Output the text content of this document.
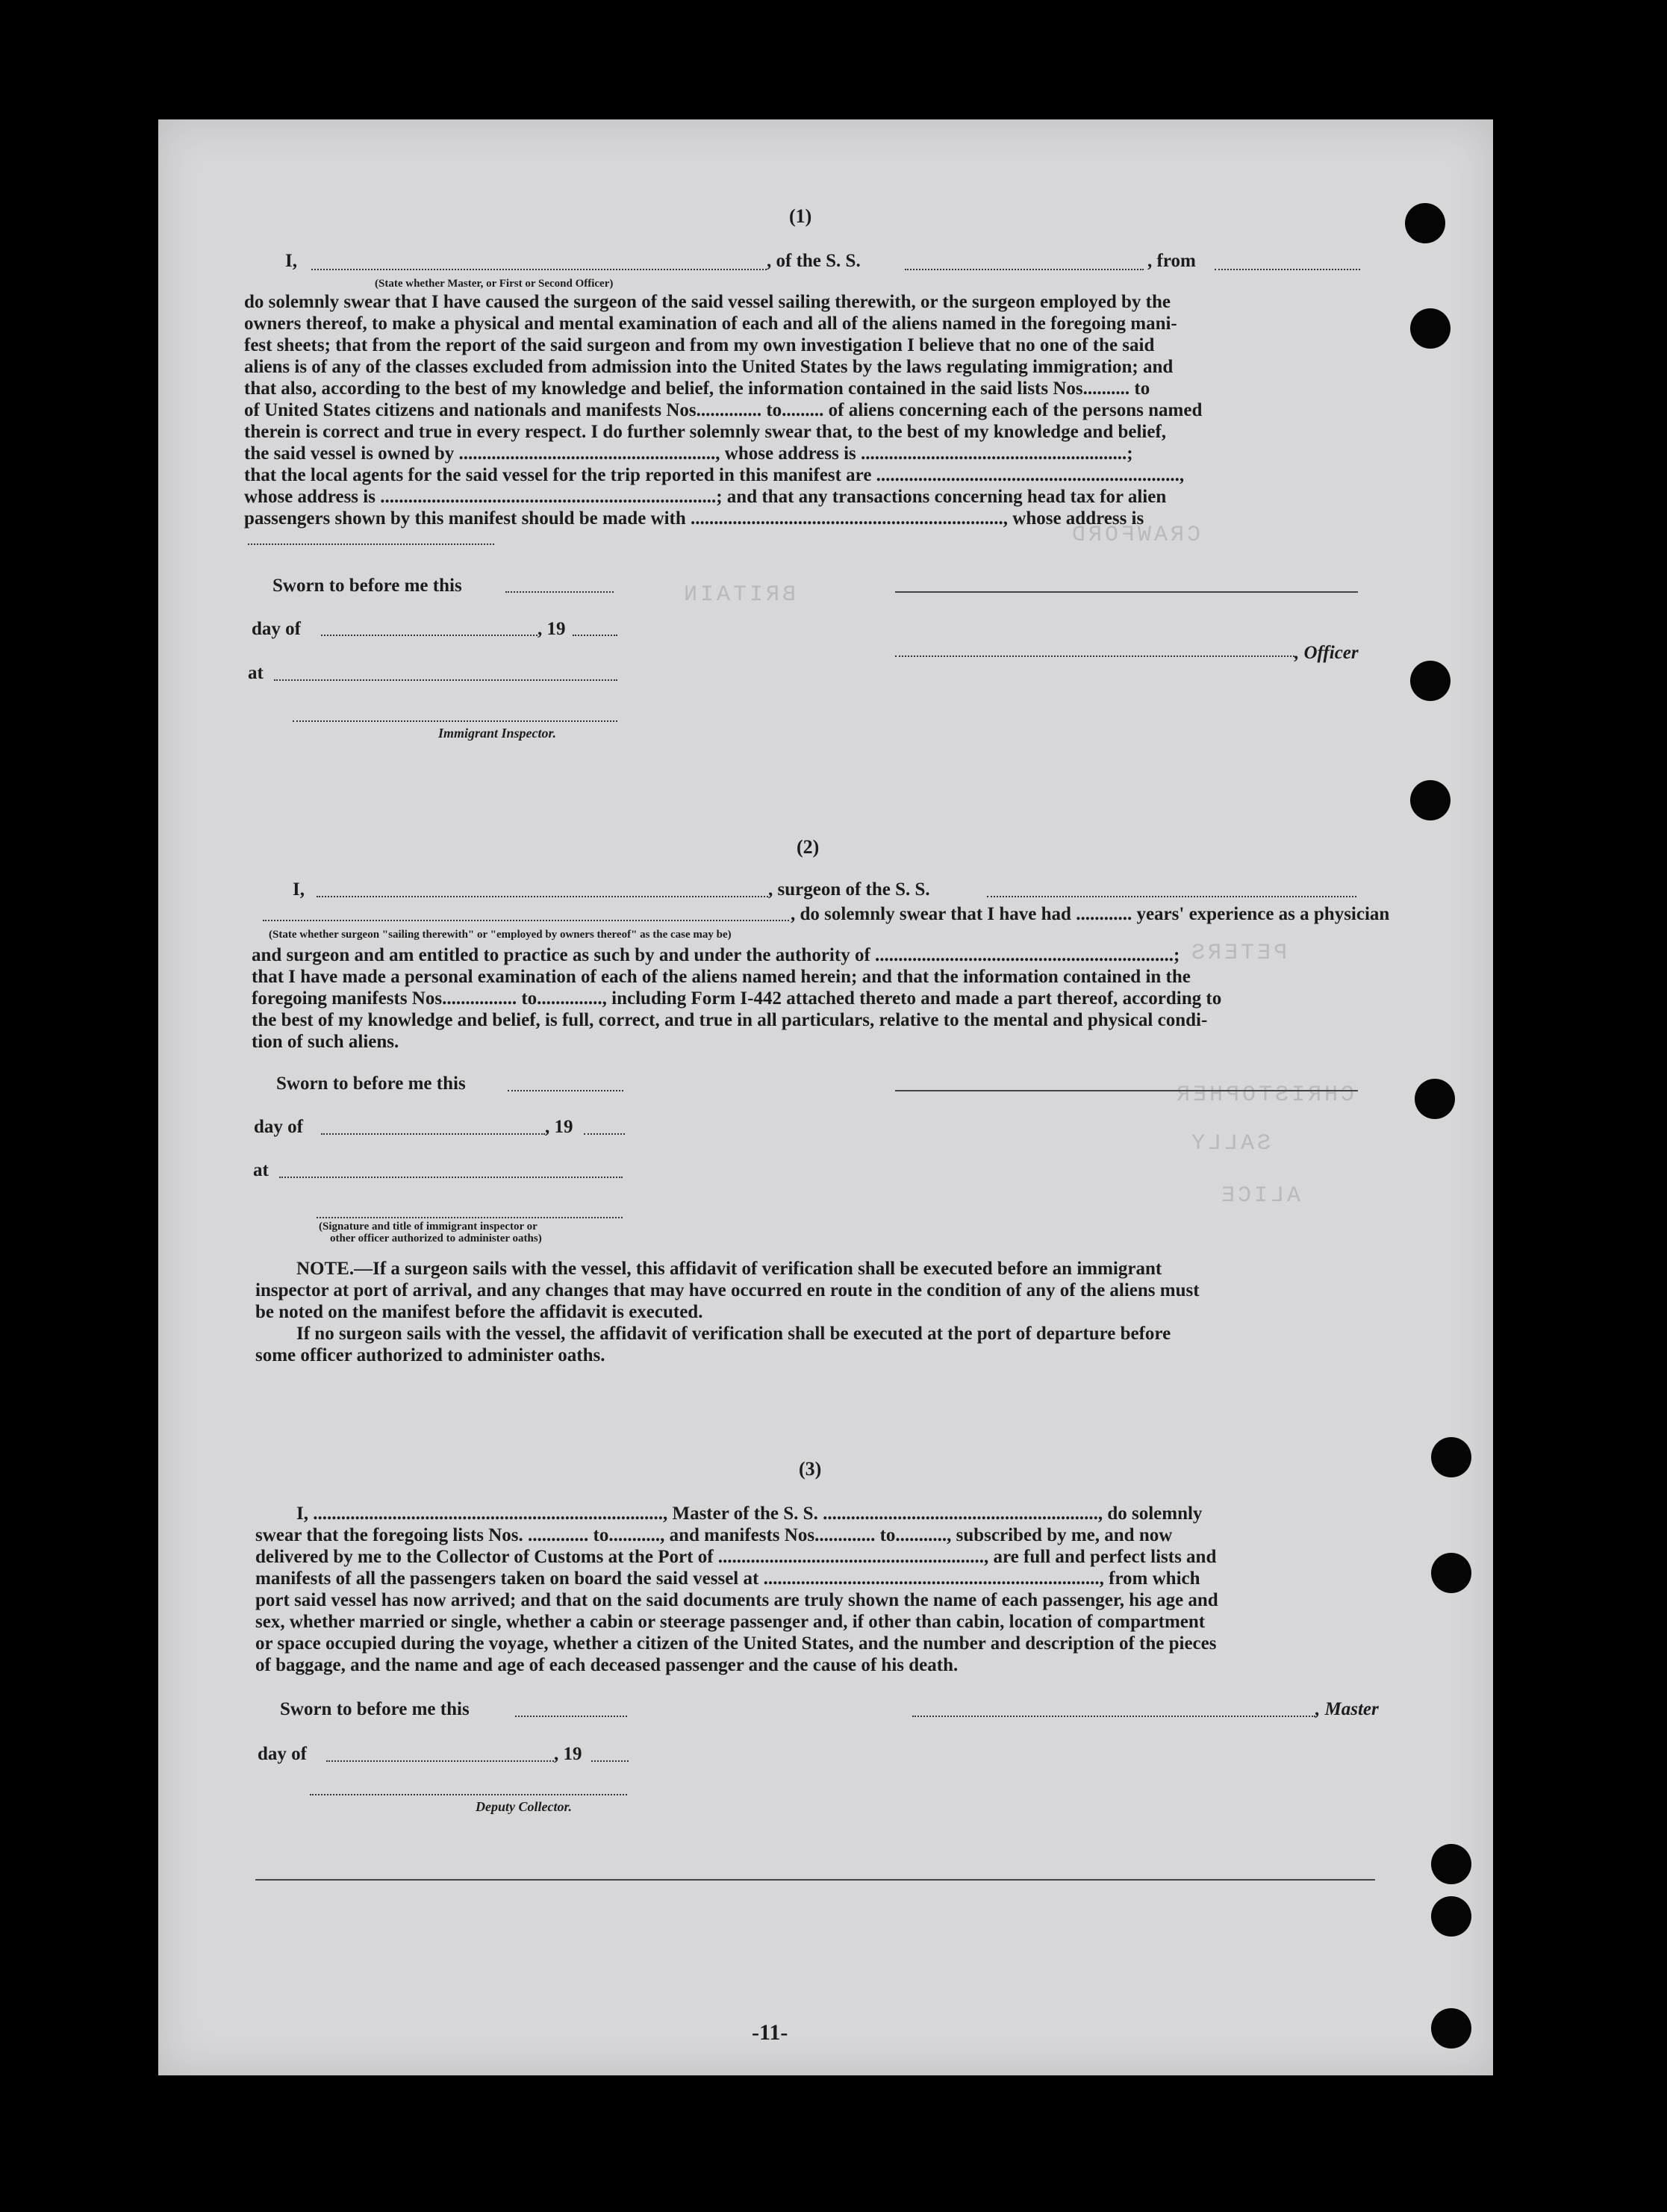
CRAWFORD
BRITAIN
PETERS
CHRISTOPHER
SALLY
ALICE
(1)
I,	, of the S. S.	, from
(State whether Master, or First or Second Officer)
do solemnly swear that I have caused the surgeon of the said vessel sailing therewith, or the surgeon employed by the
owners thereof, to make a physical and mental examination of each and all of the aliens named in the foregoing mani-
fest sheets; that from the report of the said surgeon and from my own investigation I believe that no one of the said
aliens is of any of the classes excluded from admission into the United States by the laws regulating immigration; and
that also, according to the best of my knowledge and belief, the information contained in the said lists Nos.......... to
of United States citizens and nationals and manifests Nos.............. to......... of aliens concerning each of the persons named
therein is correct and true in every respect. I do further solemnly swear that, to the best of my knowledge and belief,
the said vessel is owned by ......................................................., whose address is .........................................................;
that the local agents for the said vessel for the trip reported in this manifest are .................................................................,
whose address is ........................................................................; and that any transactions concerning head tax for alien
passengers shown by this manifest should be made with ..................................................................., whose address is
Sworn to before me this
day of	, 19
, Officer
at
Immigrant Inspector.
(2)
I,	, surgeon of the S. S.
, do solemnly swear that I have had ............ years' experience as a physician
(State whether surgeon "sailing therewith" or "employed by owners thereof" as the case may be)
and surgeon and am entitled to practice as such by and under the authority of ................................................................;
that I have made a personal examination of each of the aliens named herein; and that the information contained in the
foregoing manifests Nos................ to.............., including Form I-442 attached thereto and made a part thereof, according to
the best of my knowledge and belief, is full, correct, and true in all particulars, relative to the mental and physical condi-
tion of such aliens.
Sworn to before me this
day of	, 19
at
(Signature and title of immigrant inspector or
other officer authorized to administer oaths)
NOTE.—If a surgeon sails with the vessel, this affidavit of verification shall be executed before an immigrant
inspector at port of arrival, and any changes that may have occurred en route in the condition of any of the aliens must
be noted on the manifest before the affidavit is executed.
If no surgeon sails with the vessel, the affidavit of verification shall be executed at the port of departure before
some officer authorized to administer oaths.
(3)
I, ..........................................................................., Master of the S. S. ..........................................................., do solemnly
swear that the foregoing lists Nos. ............. to..........., and manifests Nos............. to..........., subscribed by me, and now
delivered by me to the Collector of Customs at the Port of ........................................................., are full and perfect lists and
manifests of all the passengers taken on board the said vessel at ........................................................................, from which
port said vessel has now arrived; and that on the said documents are truly shown the name of each passenger, his age and
sex, whether married or single, whether a cabin or steerage passenger and, if other than cabin, location of compartment
or space occupied during the voyage, whether a citizen of the United States, and the number and description of the pieces
of baggage, and the name and age of each deceased passenger and the cause of his death.
Sworn to before me this	, Master
day of	, 19
Deputy Collector.
-11-
